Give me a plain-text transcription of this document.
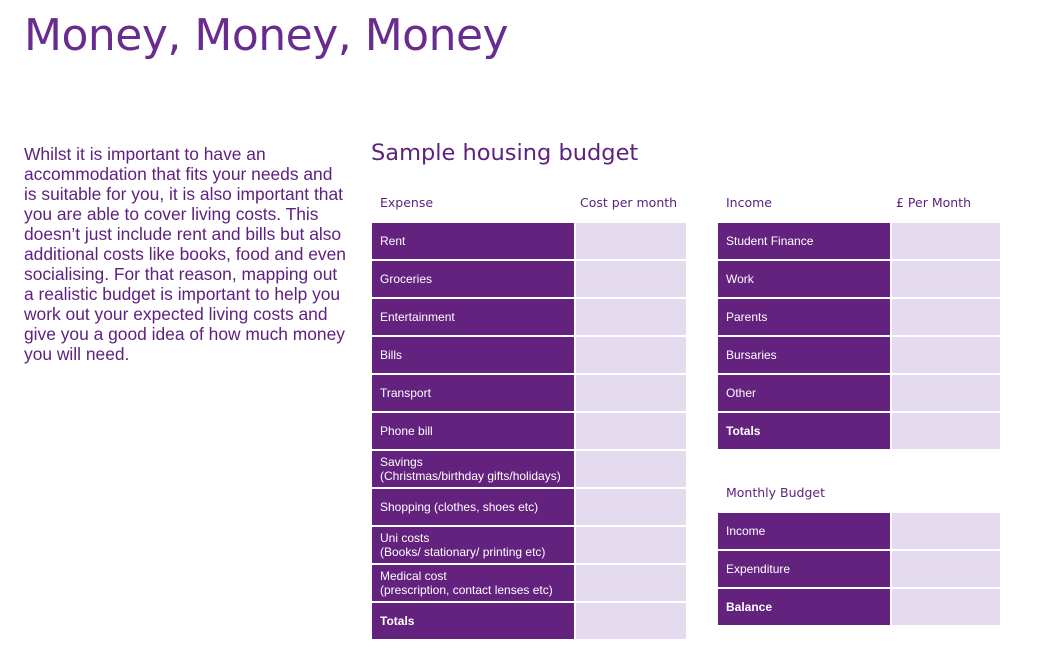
Money, Money, Money

Whilst it is important to have an accommodation that fits your needs and is suitable for you, it is also important that you are able to cover living costs. This doesn’t just include rent and bills but also additional costs like books, food and even socialising. For that reason, mapping out a realistic budget is important to help you work out your expected living costs and give you a good idea of how much money you will need.

Sample housing budget
Expense	Cost per month
Rent
Groceries
Entertainment
Bills
Transport
Phone bill
Savings
(Christmas/birthday gifts/holidays)
Shopping (clothes, shoes etc)
Uni costs
(Books/ stationary/ printing etc)
Medical cost
(prescription, contact lenses etc)
Totals
Income	£ Per Month
Student Finance
Work
Parents
Bursaries
Other
Totals
Monthly Budget
Income
Expenditure
Balance
